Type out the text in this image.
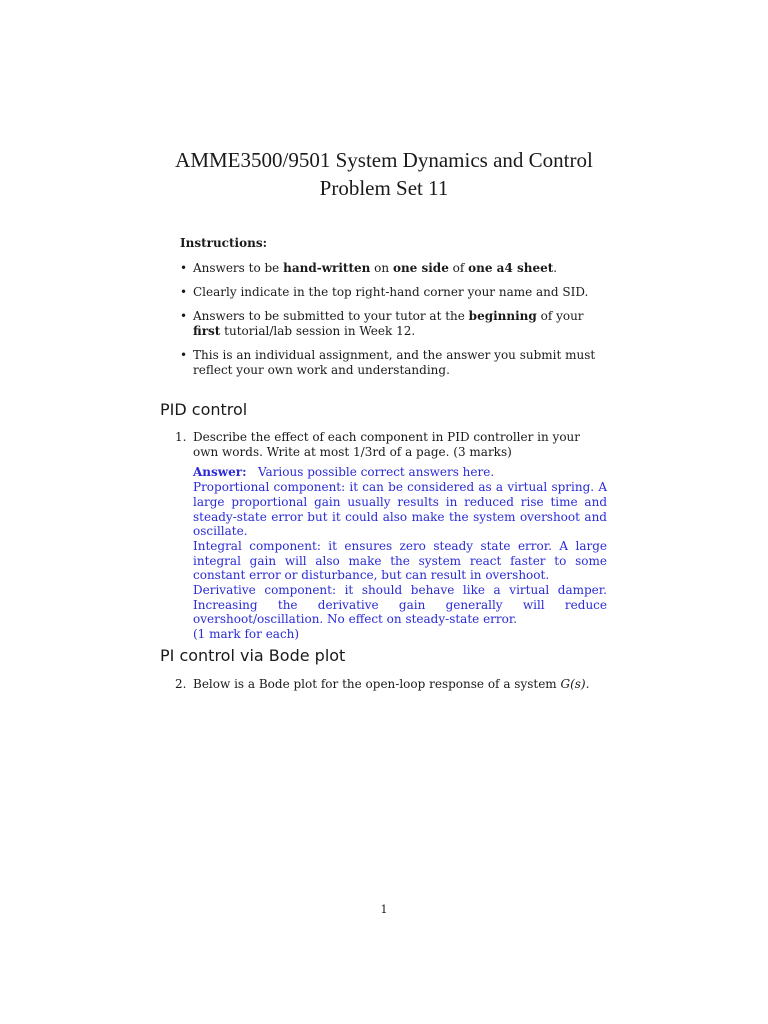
AMME3500/9501 System Dynamics and Control
Problem Set 11
Instructions:
• Answers to be hand-written on one side of one a4 sheet.
• Clearly indicate in the top right-hand corner your name and SID.
• Answers to be submitted to your tutor at the beginning of your first tutorial/lab session in Week 12.
• This is an individual assignment, and the answer you submit must reflect your own work and understanding.
PID control
1. Describe the effect of each component in PID controller in your own words. Write at most 1/3rd of a page. (3 marks)
Answer: Various possible correct answers here.
Proportional component: it can be considered as a virtual spring. A large proportional gain usually results in reduced rise time and steady-state error but it could also make the system overshoot and oscillate.
Integral component: it ensures zero steady state error. A large integral gain will also make the system react faster to some constant error or disturbance, but can result in overshoot.
Derivative component: it should behave like a virtual damper. Increasing the derivative gain generally will reduce overshoot/oscillation. No effect on steady-state error.
(1 mark for each)
PI control via Bode plot
2. Below is a Bode plot for the open-loop response of a system G(s).
1
